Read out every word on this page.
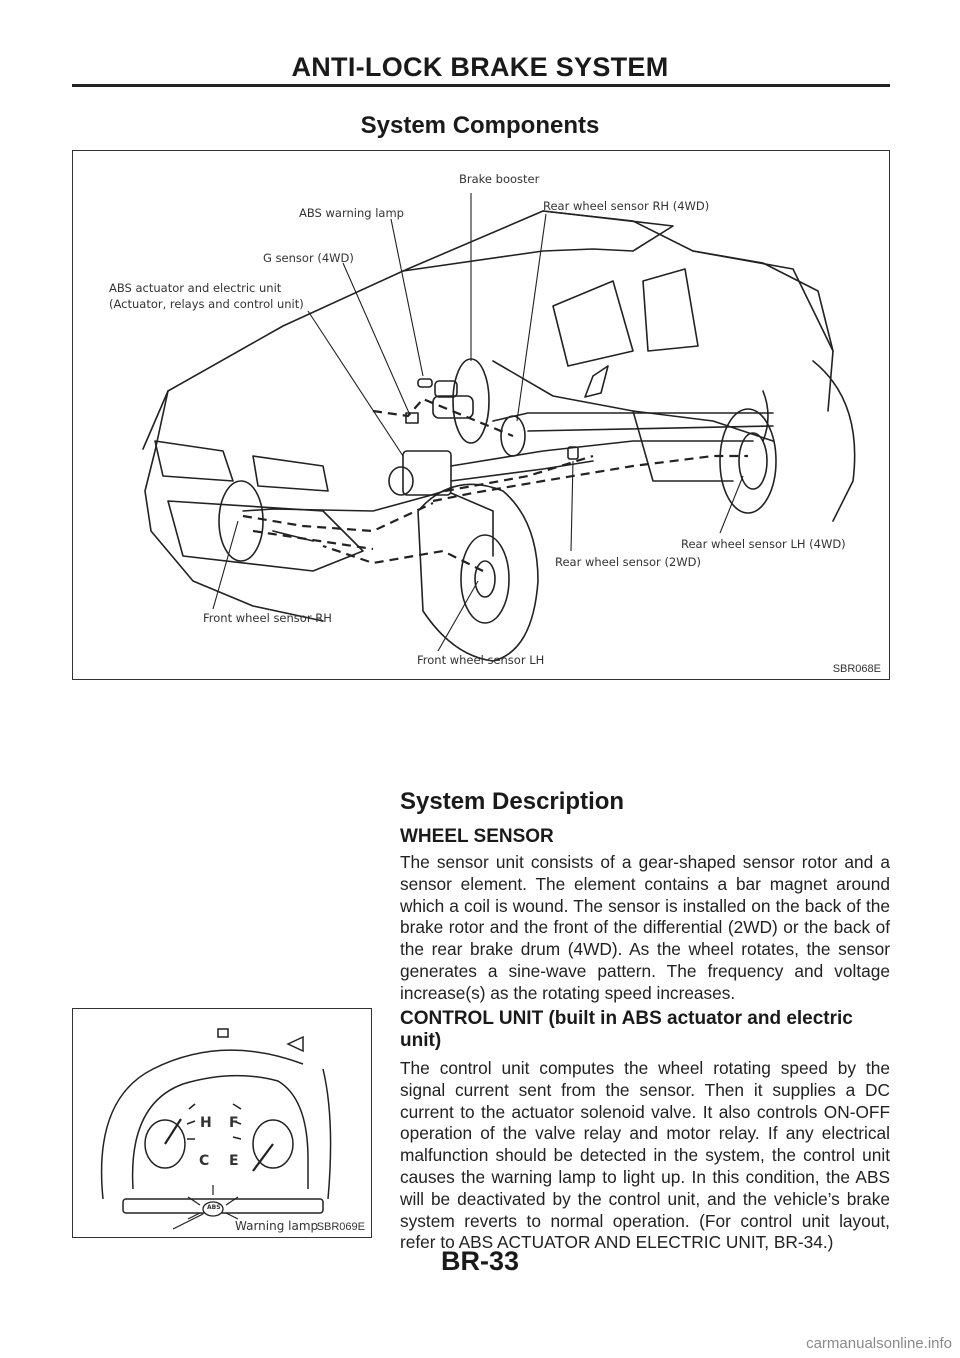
ANTI-LOCK BRAKE SYSTEM
System Components
Brake booster
ABS warning lamp	Rear wheel sensor RH (4WD)
G sensor (4WD)
ABS actuator and electric unit
(Actuator, relays and control unit)
Rear wheel sensor LH (4WD)
Rear wheel sensor (2WD)
Front wheel sensor RH
Front wheel sensor LH
SBR068E
System Description
WHEEL SENSOR
The sensor unit consists of a gear-shaped sensor rotor and a sensor element. The element contains a bar magnet around which a coil is wound. The sensor is installed on the back of the brake rotor and the front of the differential (2WD) or the back of the rear brake drum (4WD). As the wheel rotates, the sensor generates a sine-wave pattern. The frequency and voltage increase(s) as the rotating speed increases.
CONTROL UNIT (built in ABS actuator and electric unit)
The control unit computes the wheel rotating speed by the signal current sent from the sensor. Then it supplies a DC current to the actuator solenoid valve. It also controls ON-OFF operation of the valve relay and motor relay. If any electrical malfunction should be detected in the system, the control unit causes the warning lamp to light up. In this condition, the ABS will be deactivated by the control unit, and the vehicle’s brake system reverts to normal operation. (For control unit layout, refer to ABS ACTUATOR AND ELECTRIC UNIT, BR-34.)
H
C
F
E
ABS
Warning lamp
SBR069E
BR-33
carmanualsonline.info
